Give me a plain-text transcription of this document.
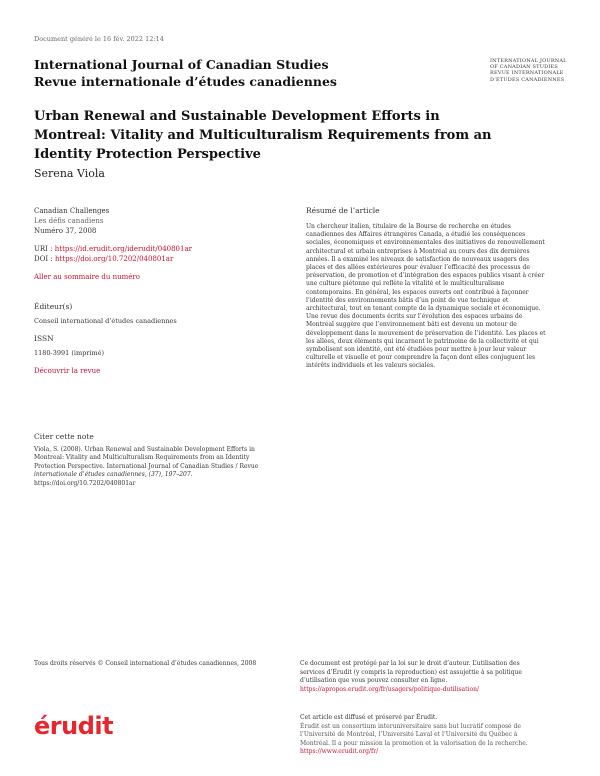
Document généré le 16 fév. 2022 12:14
International Journal of Canadian Studies
Revue internationale d’études canadiennes
INTERNATIONAL JOURNAL
OF CANADIAN STUDIES
REVUE INTERNATIONALE
D’ÉTUDES CANADIENNES
Urban Renewal and Sustainable Development Efforts in
Montreal: Vitality and Multiculturalism Requirements from an
Identity Protection Perspective
Serena Viola
Canadian Challenges
Les défis canadiens
Numéro 37, 2008
URI : https://id.erudit.org/iderudit/040801ar
DOI : https://doi.org/10.7202/040801ar
Aller au sommaire du numéro
Éditeur(s)
Conseil international d’études canadiennes
ISSN
1180-3991 (imprimé)
Découvrir la revue
Citer cette note
Viola, S. (2008). Urban Renewal and Sustainable Development Efforts in
Montreal: Vitality and Multiculturalism Requirements from an Identity
Protection Perspective. International Journal of Canadian Studies / Revue
internationale d’études canadiennes, (37), 197–207.
https://doi.org/10.7202/040801ar
Résumé de l’article
Un chercheur italien, titulaire de la Bourse de recherche en études
canadiennes des Affaires étrangères Canada, a étudié les conséquences
sociales, économiques et environnementales des initiatives de renouvellement
architectural et urbain entreprises à Montréal au cours des dix dernières
années. Il a examiné les niveaux de satisfaction de nouveaux usagers des
places et des allées extérieures pour évaluer l’efficacité des processus de
préservation, de promotion et d’intégration des espaces publics visant à créer
une culture piétonne qui reflète la vitalité et le multiculturalisme
contemporains. En général, les espaces ouverts ont contribué à façonner
l’identité des environnements bâtis d’un point de vue technique et
architectural, tout en tenant compte de la dynamique sociale et économique.
Une revue des documents écrits sur l’évolution des espaces urbains de
Montréal suggère que l’environnement bâti est devenu un moteur de
développement dans le mouvement de préservation de l’identité. Les places et
les allées, deux éléments qui incarnent le patrimoine de la collectivité et qui
symbolisent son identité, ont été étudiées pour mettre à jour leur valeur
culturelle et visuelle et pour comprendre la façon dont elles conjuguent les
intérêts individuels et les valeurs sociales.
Tous droits réservés © Conseil international d’études canadiennes, 2008	Ce document est protégé par la loi sur le droit d’auteur. L’utilisation des
services d’Érudit (y compris la reproduction) est assujettie à sa politique
d’utilisation que vous pouvez consulter en ligne.
https://apropos.erudit.org/fr/usagers/politique-dutilisation/
érudit	Cet article est diffusé et préservé par Érudit.
Érudit est un consortium interuniversitaire sans but lucratif composé de
l’Université de Montréal, l’Université Laval et l’Université du Québec à
Montréal. Il a pour mission la promotion et la valorisation de la recherche.
https://www.erudit.org/fr/
